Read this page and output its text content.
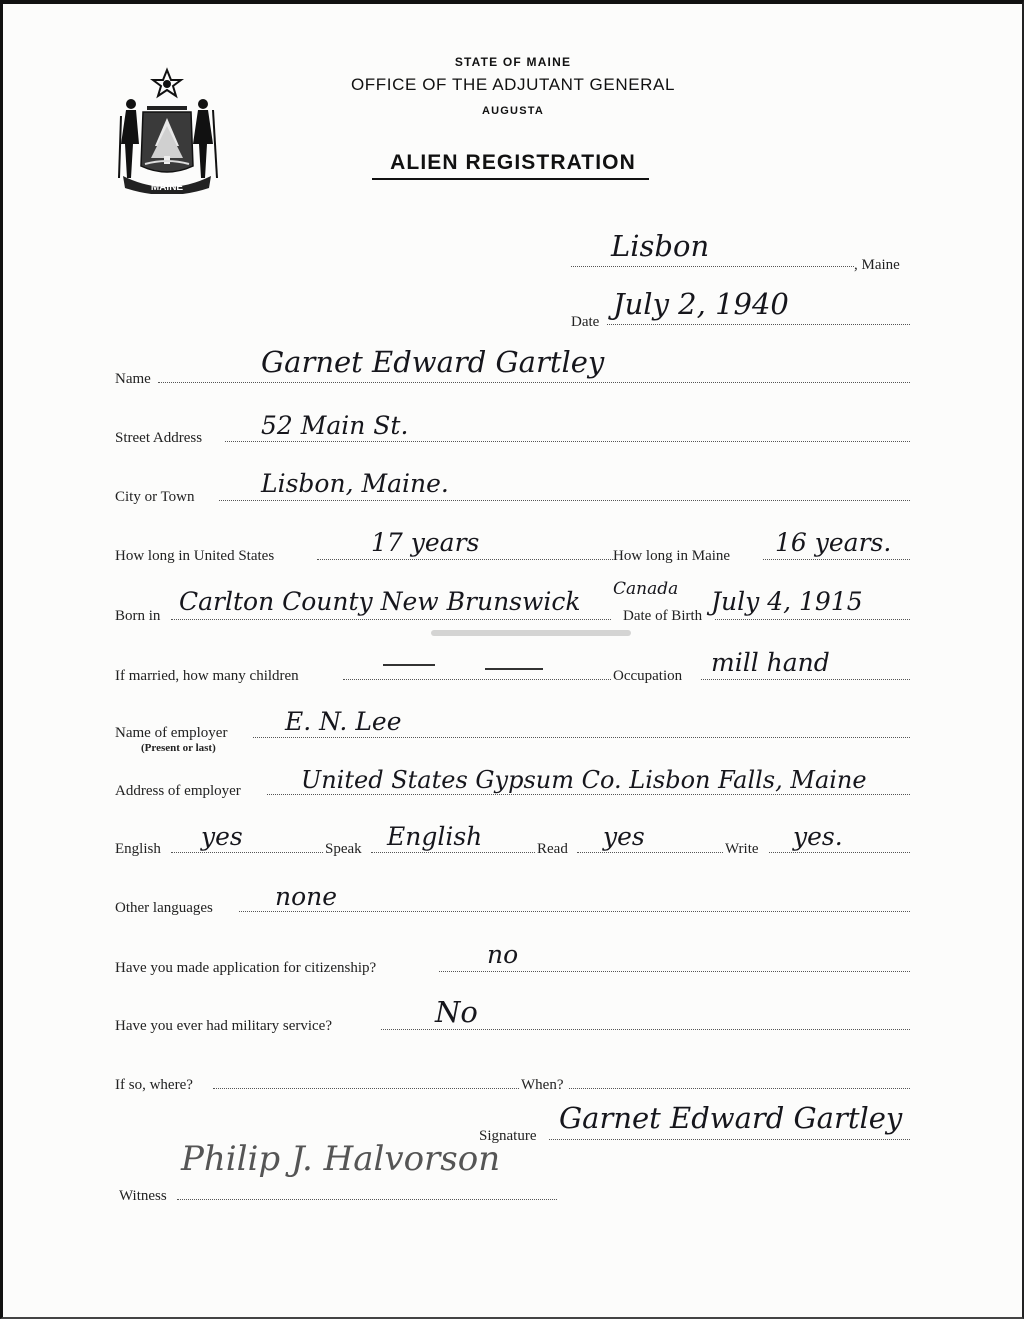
MAINE
STATE OF MAINE
OFFICE OF THE ADJUTANT GENERAL
AUGUSTA
ALIEN REGISTRATION
Lisbon
, Maine
Date
July 2, 1940
Name	Garnet Edward Gartley
Street Address 52 Main St.
City or Town	Lisbon, Maine.
How long in United States	17 years	How long in Maine 16 years.
Born in Carlton County New Brunswick Canada
Date of Birth July 4, 1915
If married, how many children	Occupation mill hand
Name of employer
(Present or last)
E. N. Lee
Address of employer	United States Gypsum Co. Lisbon Falls, Maine
English yes	Speak English	Read yes	Write yes.
Other languages none
Have you made application for citizenship?	no
Have you ever had military service?	No
If so, where?	When?
Signature
Garnet Edward Gartley
Witness
Philip J. Halvorson
